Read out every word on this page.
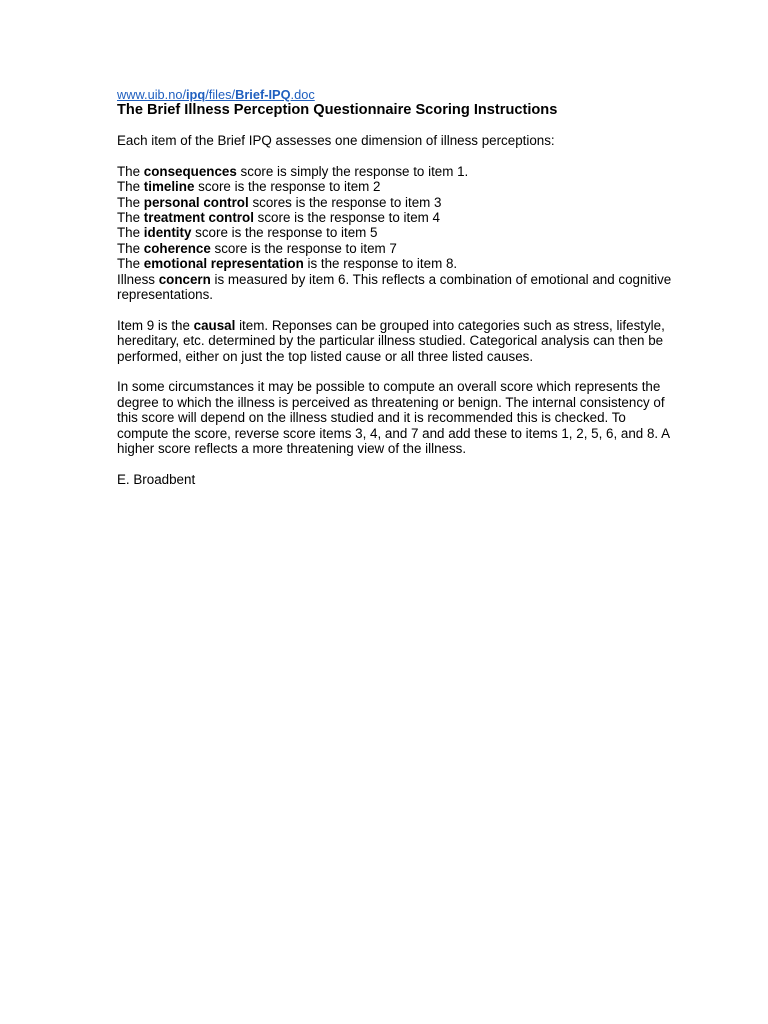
www.uib.no/ipq/files/Brief-IPQ.doc
The Brief Illness Perception Questionnaire Scoring Instructions

Each item of the Brief IPQ assesses one dimension of illness perceptions:

The consequences score is simply the response to item 1.
The timeline score is the response to item 2
The personal control scores is the response to item 3
The treatment control score is the response to item 4
The identity score is the response to item 5
The coherence score is the response to item 7
The emotional representation is the response to item 8.
Illness concern is measured by item 6. This reflects a combination of emotional and cognitive representations.

Item 9 is the causal item. Reponses can be grouped into categories such as stress, lifestyle, hereditary, etc. determined by the particular illness studied. Categorical analysis can then be performed, either on just the top listed cause or all three listed causes.

In some circumstances it may be possible to compute an overall score which represents the degree to which the illness is perceived as threatening or benign. The internal consistency of this score will depend on the illness studied and it is recommended this is checked. To compute the score, reverse score items 3, 4, and 7 and add these to items 1, 2, 5, 6, and 8. A higher score reflects a more threatening view of the illness.

E. Broadbent
